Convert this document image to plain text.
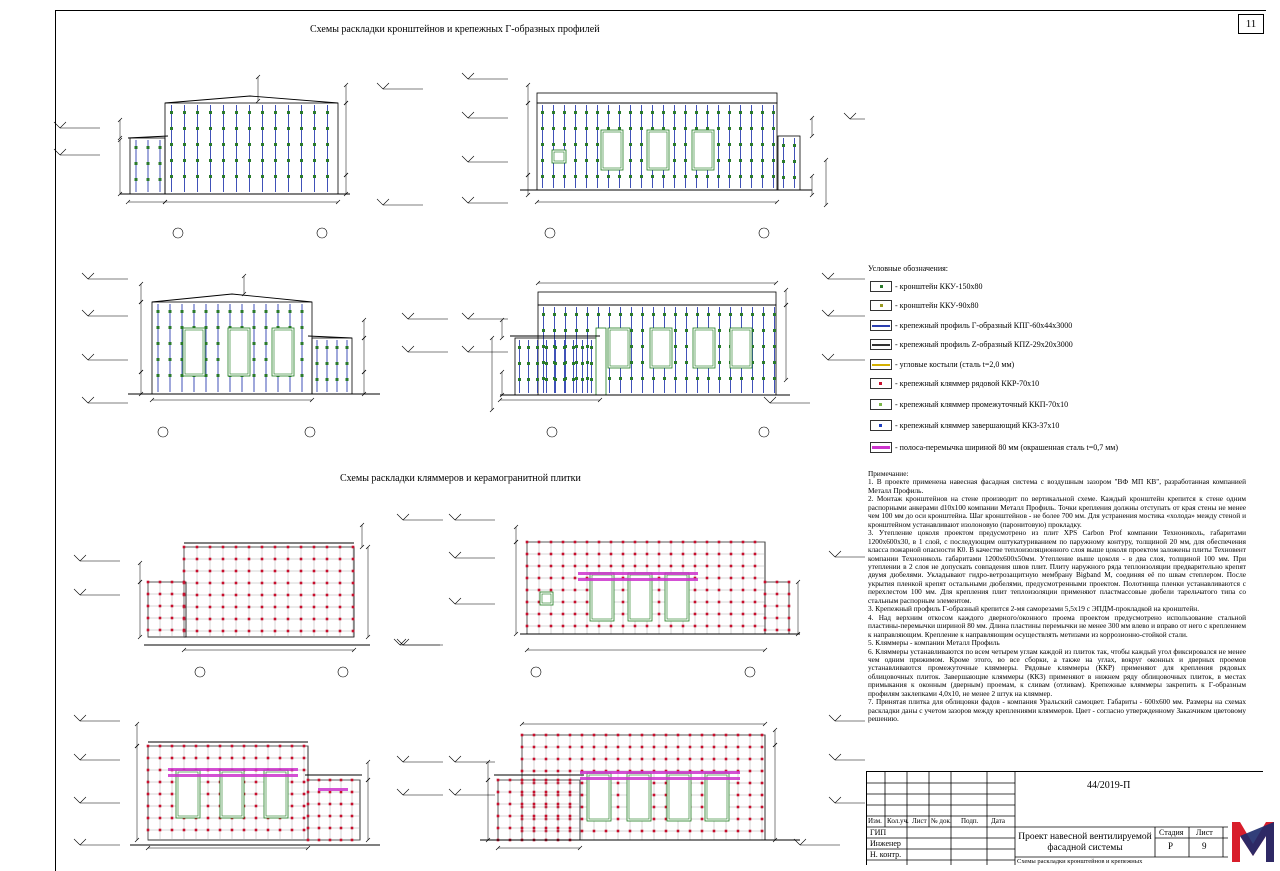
11
Схемы раскладки кронштейнов и крепежных Г-образных профилей
Схемы раскладки кляммеров и керамогранитной плитки
Условные обозначения:
- кронштейн ККУ-150x80
- кронштейн ККУ-90x80
- крепежный профиль Г-образный КПГ-60x44x3000
- крепежный профиль Z-образный КПZ-29x20x3000
- угловые костыли (сталь t=2,0 мм)
- крепежный кляммер рядовой ККР-70x10
- крепежный кляммер промежуточный ККП-70x10
- крепежный кляммер завершающий ККЗ-37x10
- полоса-перемычка шириной 80 мм (окрашенная сталь t=0,7 мм)

Примечание:

1. В проекте применена навесная фасадная система с воздушным зазором "ВФ МП КВ", разработанная компанией Металл Профиль.

2. Монтаж кронштейнов на стене производит по вертикальной схеме. Каждый кронштейн крепится к стене одним распорными анкерами d10x100 компании Металл Профиль. Точки крепления должны отступать от края стены не менее чем 100 мм до оси кронштейна. Шаг кронштейнов - не более 700 мм. Для устранения мостика «холода» между стеной и кронштейном устанавливают изолоновую (паронитовую) прокладку.

3. Утепление цоколя проектом предусмотрено из плит XPS Carbon Prof компании Технониколь, габаритами 1200x600x30, в 1 слой, с последующим оштукатуриванием по паружному контуру, толщиной 20 мм, для обеспечения класса пожарной опасности К0. В качестве теплоизоляционного слоя выше цоколя проектом заложены плиты Техновент компании Технониколь габаритами 1200x600x50мм. Утепление выше цоколя - в два слоя, толщиной 100 мм. При утеплении в 2 слоя не допускать совпадения швов плит. Плиту наружного ряда теплоизоляции предварительно крепят двумя дюбелями. Укладывают гидро-ветрозащитную мембрану Bigband M, соединяя её по швам степлером. После укрытия пленкой крепят остальными дюбелями, предусмотренными проектом. Полотнища пленки устанавливаются с перехлестом 100 мм. Для крепления плит теплоизоляции применяют пластмассовые дюбели тарельчатого типа со стальным распорным элементом.

3. Крепежный профиль Г-образный крепится 2-мя саморезами 5,5x19 с ЭПДМ-прокладкой на кронштейн.

4. Над верхним откосом каждого дверного/оконного проема проектом предусмотрено использование стальной пластины-перемычки шириной 80 мм. Длина пластины перемычки не менее 300 мм влево и вправо от него с креплением к направляющим. Крепление к направляющим осуществлять метизами из коррозионно-стойкой стали.

5. Кляммеры - компании Металл Профиль

6. Кляммеры устанавливаются по всем четырем углам каждой из плиток так, чтобы каждый угол фиксировался не менее чем одним прижимом. Кроме этого, во все сборки, а также на углах, вокруг оконных и дверных проемов устанавливаются промежуточные кляммеры. Рядовые кляммеры (ККР) применяют для крепления рядовых облицовочных плиток. Завершающие кляммеры (ККЗ) применяют в нижнем ряду облицовочных плиток, в местах примыкания к оконным (дверным) проемам, к сливам (отливам). Крепежные кляммеры закрепить к Г-образным профилям заклепками 4,0x10, не менее 2 штук на кляммер.

7. Принятая плитка для облицовки фадов - компания Уральский самоцвет. Габариты - 600x600 мм. Размеры на схемах раскладки даны с учетом зазоров между креплениями кляммеров. Цвет - согласно утвержденному Заказчиком цветовому решению.

44/2019-П
Изм. Кол.уч. Лист № док. Подп. Дата
ГИП
Инженер
Н. контр.
Проект навесной вентилируемой фасадной системы
Схемы раскладки кронштейнов и крепежных
Стадия Лист
Р	9
